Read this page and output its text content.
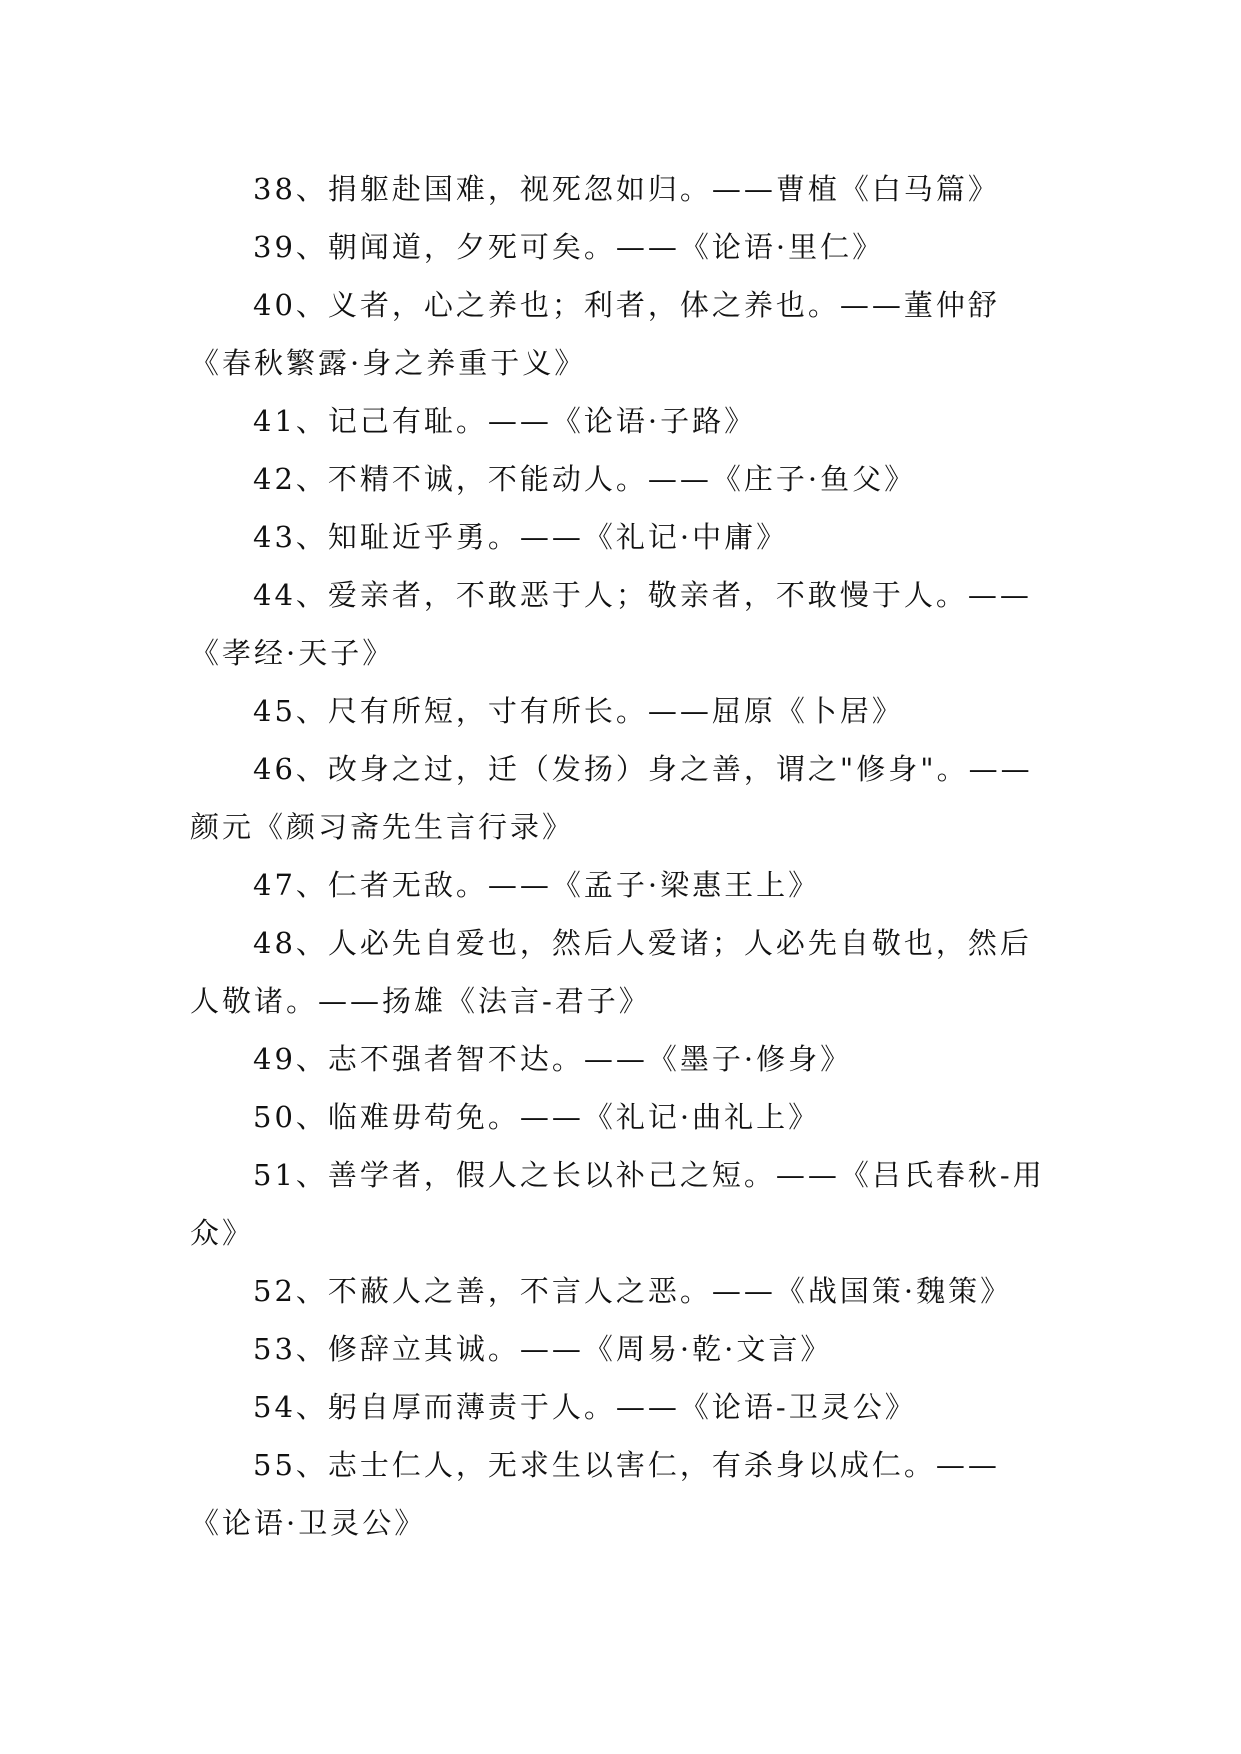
38、捐躯赴国难，视死忽如归。——曹植《白马篇》

39、朝闻道，夕死可矣。——《论语·里仁》

40、义者，心之养也；利者，体之养也。——董仲舒《春秋繁露·身之养重于义》

41、记己有耻。——《论语·子路》

42、不精不诚，不能动人。——《庄子·鱼父》

43、知耻近乎勇。——《礼记·中庸》

44、爱亲者，不敢恶于人；敬亲者，不敢慢于人。——《孝经·天子》

45、尺有所短，寸有所长。——屈原《卜居》

46、改身之过，迁（发扬）身之善，谓之"修身"。——颜元《颜习斋先生言行录》

47、仁者无敌。——《孟子·梁惠王上》

48、人必先自爱也，然后人爱诸；人必先自敬也，然后人敬诸。——扬雄《法言-君子》

49、志不强者智不达。——《墨子·修身》

50、临难毋苟免。——《礼记·曲礼上》

51、善学者，假人之长以补己之短。——《吕氏春秋-用众》

52、不蔽人之善，不言人之恶。——《战国策·魏策》

53、修辞立其诚。——《周易·乾·文言》

54、躬自厚而薄责于人。——《论语-卫灵公》

55、志士仁人，无求生以害仁，有杀身以成仁。——《论语·卫灵公》
